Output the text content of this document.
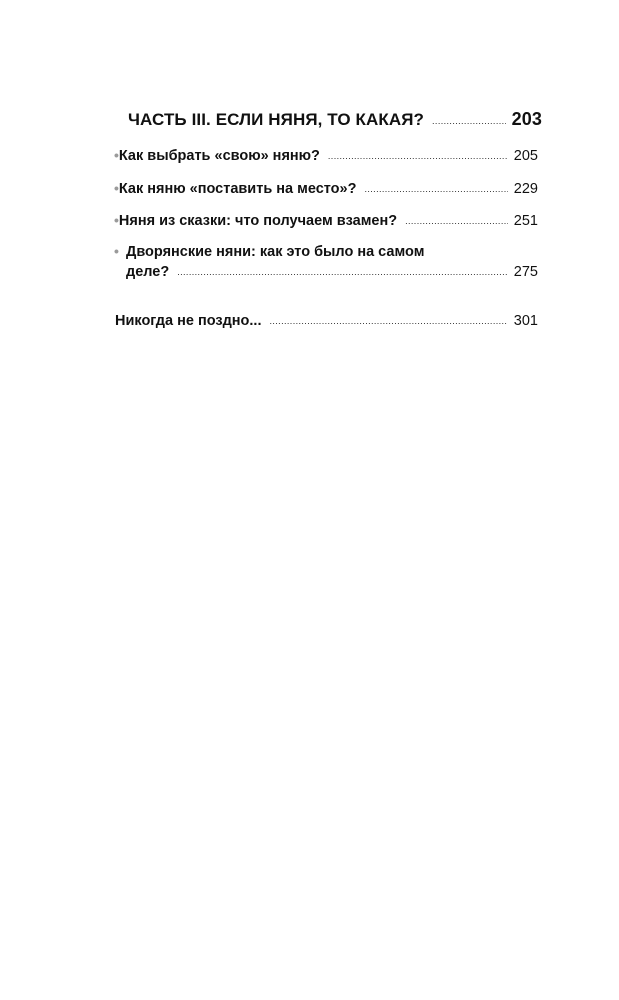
ЧАСТЬ III. ЕСЛИ НЯНЯ, ТО КАКАЯ? .....	203
• Как выбрать «свою» няню? .....	205
• Как няню «поставить на место»? .....	229
• Няня из сказки: что получаем взамен? .....	251
• Дворянские няни: как это было на самом
деле? .....	275
Никогда не поздно... .....	301
